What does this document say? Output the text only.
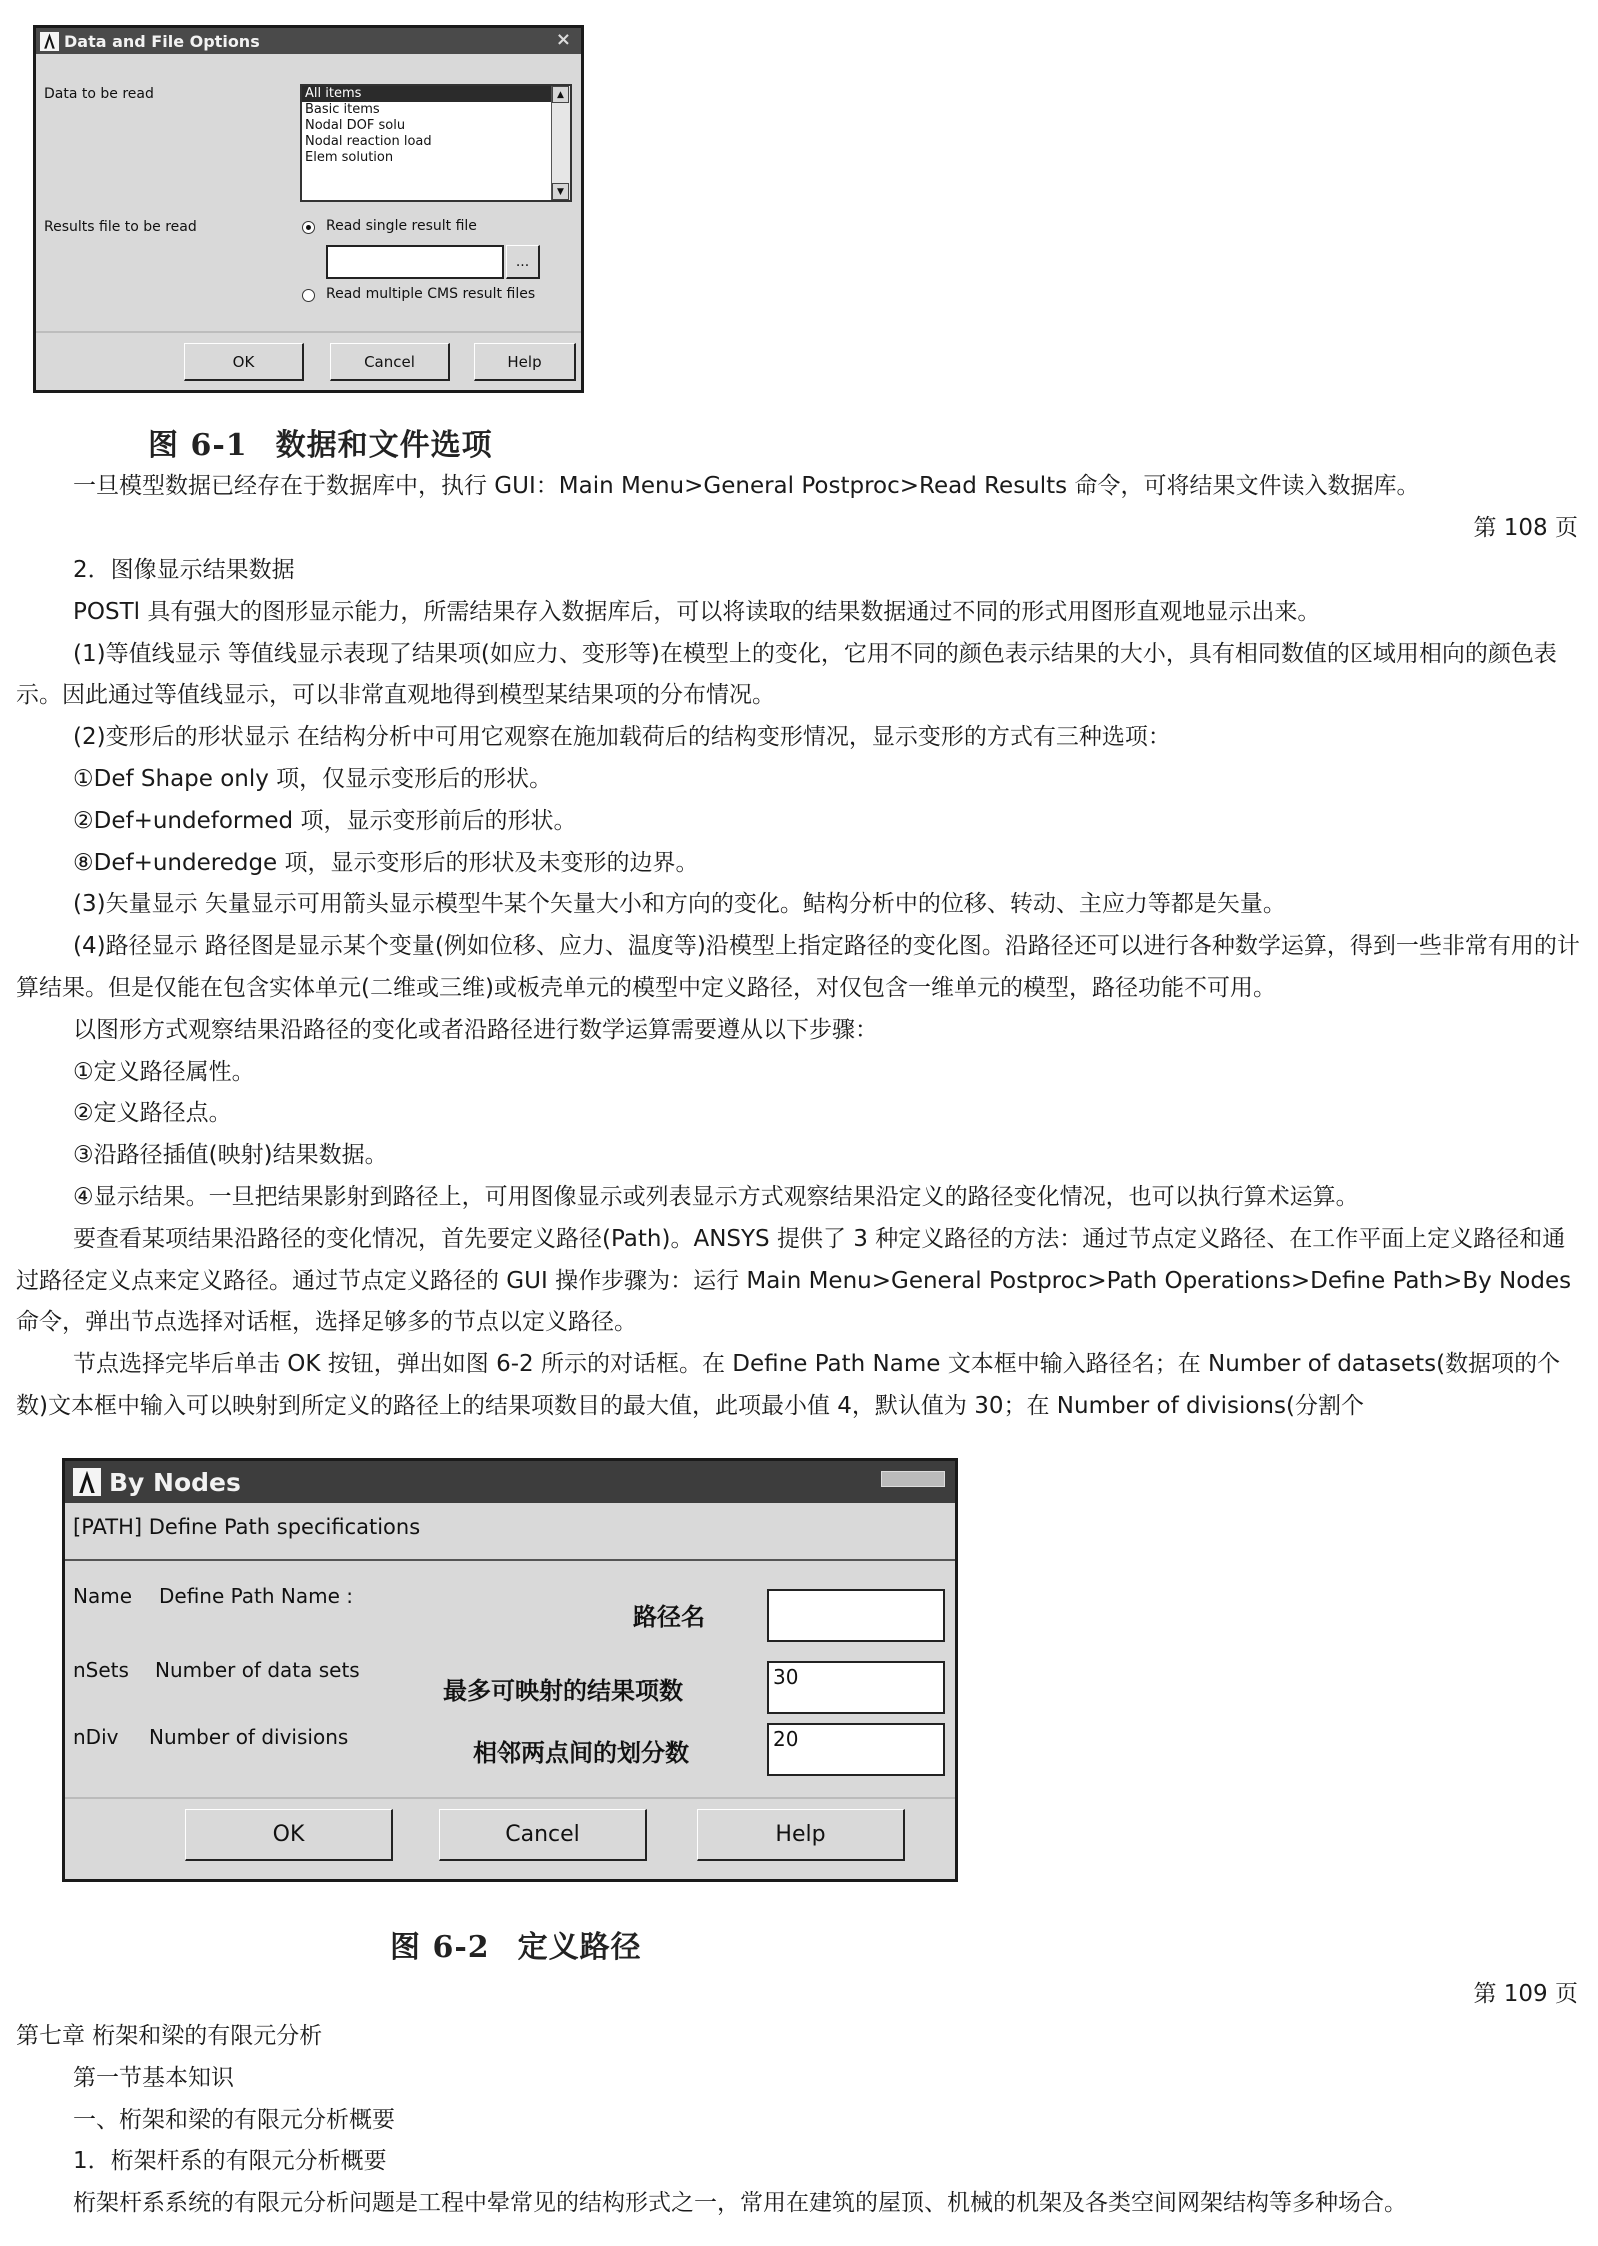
Data and File Options	×
Data to be read	All items
Basic items
Nodal DOF solu
Nodal reaction load
Elem solution
▲
▼
Results file to be read	Read single result file
...
Read multiple CMS result files
OK	Cancel	Help
图 6-1 数据和文件选项

一旦模型数据已经存在于数据库中，执行 GUI：Main Menu>General Postproc>Read Results 命令，可将结果文件读入数据库。

第 108 页

2．图像显示结果数据

POSTl 具有强大的图形显示能力，所需结果存入数据库后，可以将读取的结果数据通过不同的形式用图形直观地显示出来。

(1)等值线显示 等值线显示表现了结果项(如应力、变形等)在模型上的变化，它用不同的颜色表示结果的大小，具有相同数值的区域用相向的颜色表示。因此通过等值线显示，可以非常直观地得到模型某结果项的分布情况。

(2)变形后的形状显示 在结构分析中可用它观察在施加载荷后的结构变形情况，显示变形的方式有三种选项：

①Def Shape only 项，仅显示变形后的形状。

②Def+undeformed 项，显示变形前后的形状。

⑧Def+underedge 项，显示变形后的形状及未变形的边界。

(3)矢量显示 矢量显示可用箭头显示模型牛某个矢量大小和方向的变化。鲒构分析中的位移、转动、主应力等都是矢量。

(4)路径显示 路径图是显示某个变量(例如位移、应力、温度等)沿模型上指定路径的变化图。沿路径还可以进行各种数学运算，得到一些非常有用的计算结果。但是仅能在包含实体单元(二维或三维)或板壳单元的模型中定义路径，对仅包含一维单元的模型，路径功能不可用。

以图形方式观察结果沿路径的变化或者沿路径进行数学运算需要遵从以下步骤：

①定义路径属性。

②定义路径点。

③沿路径插值(映射)结果数据。

④显示结果。一旦把结果影射到路径上，可用图像显示或列表显示方式观察结果沿定义的路径变化情况，也可以执行算术运算。

要查看某项结果沿路径的变化情况，首先要定义路径(Path)。ANSYS 提供了 3 种定义路径的方法：通过节点定义路径、在工作平面上定义路径和通过路径定义点来定义路径。通过节点定义路径的 GUI 操作步骤为：运行 Main Menu>General Postproc>Path Operations>Define Path>By Nodes 命令，弹出节点选择对话框，选择足够多的节点以定义路径。

节点选择完毕后单击 OK 按钮，弹出如图 6-2 所示的对话框。在 Define Path Name 文本框中输入路径名；在 Number of datasets(数据项的个数)文本框中输入可以映射到所定义的路径上的结果项数目的最大值，此项最小值 4，默认值为 30；在 Number of divisions(分割个

By Nodes
[PATH] Define Path specifications
Name Define Path Name :
路径名
nSets Number of data sets
最多可映射的结果项数	30
nDiv Number of divisions
相邻两点间的划分数	20
OK	Cancel	Help
图 6-2 定义路径

第 109 页

第七章 桁架和梁的有限元分析

第一节基本知识

一、桁架和梁的有限元分析概要

1．桁架杆系的有限元分析概要

桁架杆系系统的有限元分析问题是工程中晕常见的结构形式之一，常用在建筑的屋顶、机械的机架及各类空间网架结构等多种场合。
